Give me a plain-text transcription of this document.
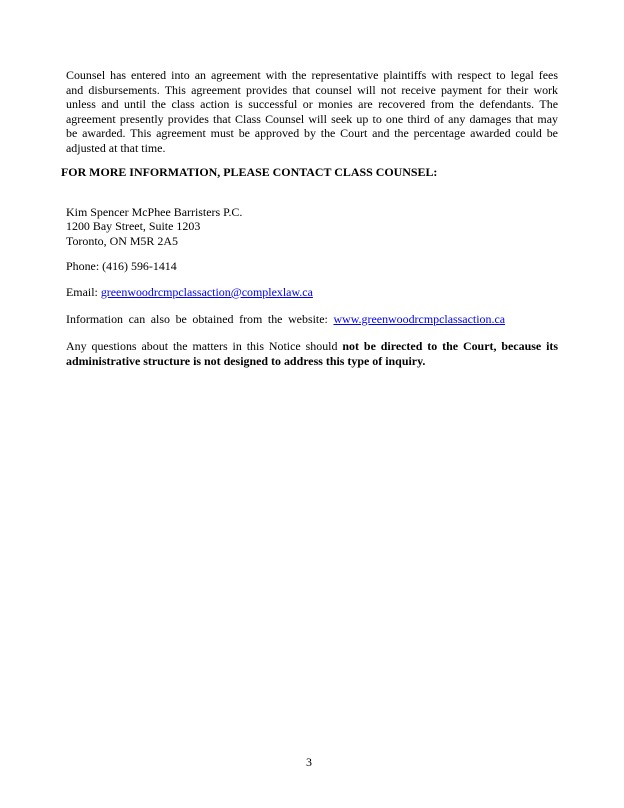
Counsel has entered into an agreement with the representative plaintiffs with respect to legal fees
and disbursements. This agreement provides that counsel will not receive payment for their work
unless and until the class action is successful or monies are recovered from the defendants. The
agreement presently provides that Class Counsel will seek up to one third of any damages that may
be awarded. This agreement must be approved by the Court and the percentage awarded could be
adjusted at that time.
FOR MORE INFORMATION, PLEASE CONTACT CLASS COUNSEL:
Kim Spencer McPhee Barristers P.C.
1200 Bay Street, Suite 1203
Toronto, ON M5R 2A5
Phone: (416) 596-1414
Email: greenwoodrcmpclassaction@complexlaw.ca
Information can also be obtained from the website: www.greenwoodrcmpclassaction.ca
Any questions about the matters in this Notice should not be directed to the Court, because its
administrative structure is not designed to address this type of inquiry.
3
